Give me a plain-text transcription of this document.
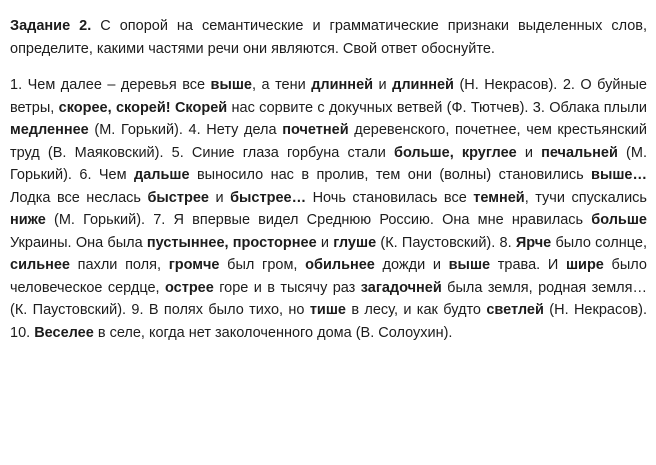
Задание 2. С опорой на семантические и грамматические признаки выделенных слов, определите, какими частями речи они являются. Свой ответ обоснуйте.

1. Чем далее – деревья все выше, а тени длинней и длинней (Н. Некрасов). 2. О буйные ветры, скорее, скорей! Скорей нас сорвите с докучных ветвей (Ф. Тютчев). 3. Облака плыли медленнее (М. Горький). 4. Нету дела почетней деревенского, почетнее, чем крестьянский труд (В. Маяковский). 5. Синие глаза горбуна стали больше, круглее и печальней (М. Горький). 6. Чем дальше выносило нас в пролив, тем они (волны) становились выше… Лодка все неслась быстрее и быстрее… Ночь становилась все темней, тучи спускались ниже (М. Горький). 7. Я впервые видел Среднюю Россию. Она мне нравилась больше Украины. Она была пустыннее, просторнее и глуше (К. Паустовский). 8. Ярче было солнце, сильнее пахли поля, громче был гром, обильнее дожди и выше трава. И шире было человеческое сердце, острее горе и в тысячу раз загадочней была земля, родная земля… (К. Паустовский). 9. В полях было тихо, но тише в лесу, и как будто светлей (Н. Некрасов). 10. Веселее в селе, когда нет заколоченного дома (В. Солоухин).
